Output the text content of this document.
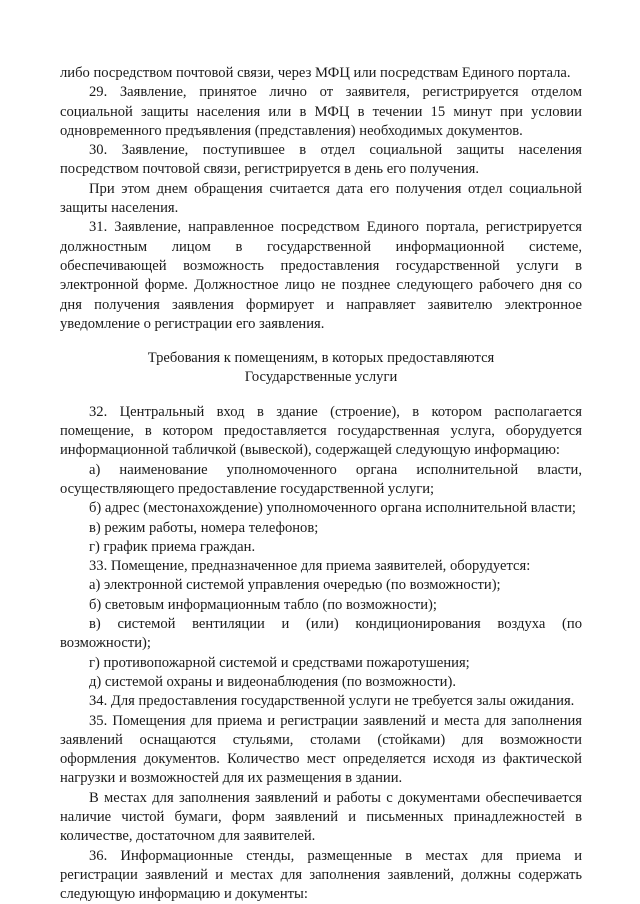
либо посредством почтовой связи, через МФЦ или посредствам Единого портала.

29. Заявление, принятое лично от заявителя, регистрируется отделом социальной защиты населения или в МФЦ в течении 15 минут при условии одновременного предъявления (представления) необходимых документов.

30. Заявление, поступившее в отдел социальной защиты населения посредством почтовой связи, регистрируется в день его получения.

При этом днем обращения считается дата его получения отдел социальной защиты населения.

31. Заявление, направленное посредством Единого портала, регистрируется должностным лицом в государственной информационной системе, обеспечивающей возможность предоставления государственной услуги в электронной форме. Должностное лицо не позднее следующего рабочего дня со дня получения заявления формирует и направляет заявителю электронное уведомление о регистрации его заявления.

Требования к помещениям, в которых предоставляются
Государственные услуги

32. Центральный вход в здание (строение), в котором располагается помещение, в котором предоставляется государственная услуга, оборудуется информационной табличкой (вывеской), содержащей следующую информацию:

а) наименование уполномоченного органа исполнительной власти, осуществляющего предоставление государственной услуги;

б) адрес (местонахождение) уполномоченного органа исполнительной власти;

в) режим работы, номера телефонов;

г) график приема граждан.

33. Помещение, предназначенное для приема заявителей, оборудуется:

а) электронной системой управления очередью (по возможности);

б) световым информационным табло (по возможности);

в) системой вентиляции и (или) кондиционирования воздуха (по возможности);

г) противопожарной системой и средствами пожаротушения;

д) системой охраны и видеонаблюдения (по возможности).

34. Для предоставления государственной услуги не требуется залы ожидания.

35. Помещения для приема и регистрации заявлений и места для заполнения заявлений оснащаются стульями, столами (стойками) для возможности оформления документов. Количество мест определяется исходя из фактической нагрузки и возможностей для их размещения в здании.

В местах для заполнения заявлений и работы с документами обеспечивается наличие чистой бумаги, форм заявлений и письменных принадлежностей в количестве, достаточном для заявителей.

36. Информационные стенды, размещенные в местах для приема и регистрации заявлений и местах для заполнения заявлений, должны содержать следующую информацию и документы:
